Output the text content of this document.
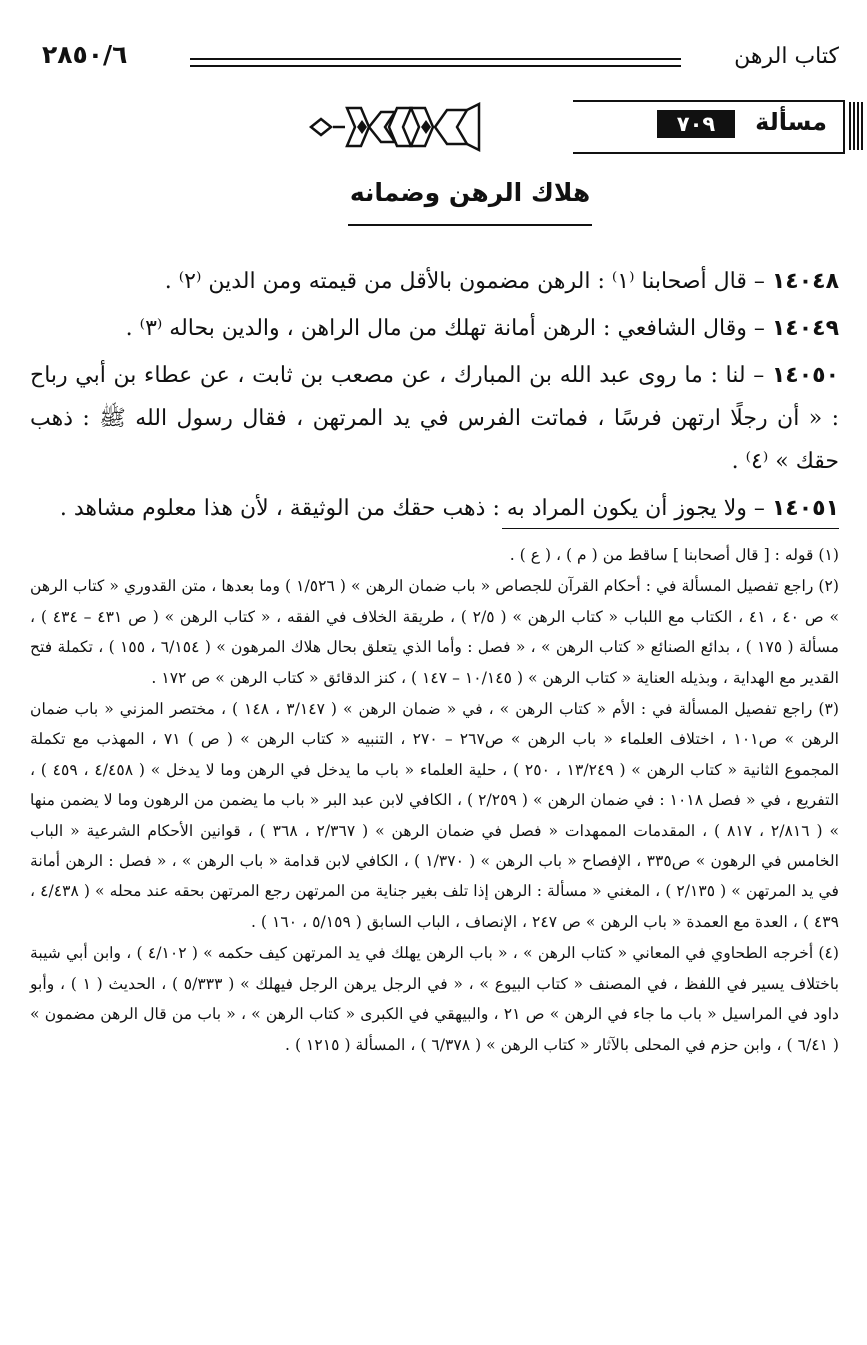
٢٨٥٠/٦	كتاب الرهن
مسألة
٧٠٩
هلاك الرهن وضمانه

١٤٠٤٨ – قال أصحابنا ⁽١⁾ : الرهن مضمون بالأقل من قيمته ومن الدين ⁽٢⁾ .

١٤٠٤٩ – وقال الشافعي : الرهن أمانة تهلك من مال الراهن ، والدين بحاله ⁽٣⁾ .

١٤٠٥٠ – لنا : ما روى عبد الله بن المبارك ، عن مصعب بن ثابت ، عن عطاء بن أبي رباح : « أن رجلًا ارتهن فرسًا ، فماتت الفرس في يد المرتهن ، فقال رسول الله ﷺ : ذهب حقك » ⁽٤⁾ .

١٤٠٥١ – ولا يجوز أن يكون المراد به : ذهب حقك من الوثيقة ، لأن هذا معلوم مشاهد .

(١) قوله : [ قال أصحابنا ] ساقط من ( م ) ، ( ع ) .

(٢) راجع تفصيل المسألة في : أحكام القرآن للجصاص « باب ضمان الرهن » ( ١/٥٢٦ ) وما بعدها ، متن القدوري « كتاب الرهن » ص ٤٠ ، ٤١ ، الكتاب مع اللباب « كتاب الرهن » ( ٢/٥ ) ، طريقة الخلاف في الفقه ، « كتاب الرهن » ( ص ٤٣١ – ٤٣٤ ) ، مسألة ( ١٧٥ ) ، بدائع الصنائع « كتاب الرهن » ، « فصل : وأما الذي يتعلق بحال هلاك المرهون » ( ٦/١٥٤ ، ١٥٥ ) ، تكملة فتح القدير مع الهداية ، وبذيله العناية « كتاب الرهن » ( ١٠/١٤٥ – ١٤٧ ) ، كنز الدقائق « كتاب الرهن » ص ١٧٢ .

(٣) راجع تفصيل المسألة في : الأم « كتاب الرهن » ، في « ضمان الرهن » ( ٣/١٤٧ ، ١٤٨ ) ، مختصر المزني « باب ضمان الرهن » ص١٠١ ، اختلاف العلماء « باب الرهن » ص٢٦٧ – ٢٧٠ ، التنبيه « كتاب الرهن » ( ص ) ٧١ ، المهذب مع تكملة المجموع الثانية « كتاب الرهن » ( ١٣/٢٤٩ ، ٢٥٠ ) ، حلية العلماء « باب ما يدخل في الرهن وما لا يدخل » ( ٤/٤٥٨ ، ٤٥٩ ) ، التفريع ، في « فصل ١٠١٨ : في ضمان الرهن » ( ٢/٢٥٩ ) ، الكافي لابن عبد البر « باب ما يضمن من الرهون وما لا يضمن منها » ( ٢/٨١٦ ، ٨١٧ ) ، المقدمات الممهدات « فصل في ضمان الرهن » ( ٢/٣٦٧ ، ٣٦٨ ) ، قوانين الأحكام الشرعية « الباب الخامس في الرهون » ص٣٣٥ ، الإفصاح « باب الرهن » ( ١/٣٧٠ ) ، الكافي لابن قدامة « باب الرهن » ، « فصل : الرهن أمانة في يد المرتهن » ( ٢/١٣٥ ) ، المغني « مسألة : الرهن إذا تلف بغير جناية من المرتهن رجع المرتهن بحقه عند محله » ( ٤/٤٣٨ ، ٤٣٩ ) ، العدة مع العمدة « باب الرهن » ص ٢٤٧ ، الإنصاف ، الباب السابق ( ٥/١٥٩ ، ١٦٠ ) .

(٤) أخرجه الطحاوي في المعاني « كتاب الرهن » ، « باب الرهن يهلك في يد المرتهن كيف حكمه » ( ٤/١٠٢ ) ، وابن أبي شيبة باختلاف يسير في اللفظ ، في المصنف « كتاب البيوع » ، « في الرجل يرهن الرجل فيهلك » ( ٥/٣٣٣ ) ، الحديث ( ١ ) ، وأبو داود في المراسيل « باب ما جاء في الرهن » ص ٢١ ، والبيهقي في الكبرى « كتاب الرهن » ، « باب من قال الرهن مضمون » ( ٦/٤١ ) ، وابن حزم في المحلى بالآثار « كتاب الرهن » ( ٦/٣٧٨ ) ، المسألة ( ١٢١٥ ) .
